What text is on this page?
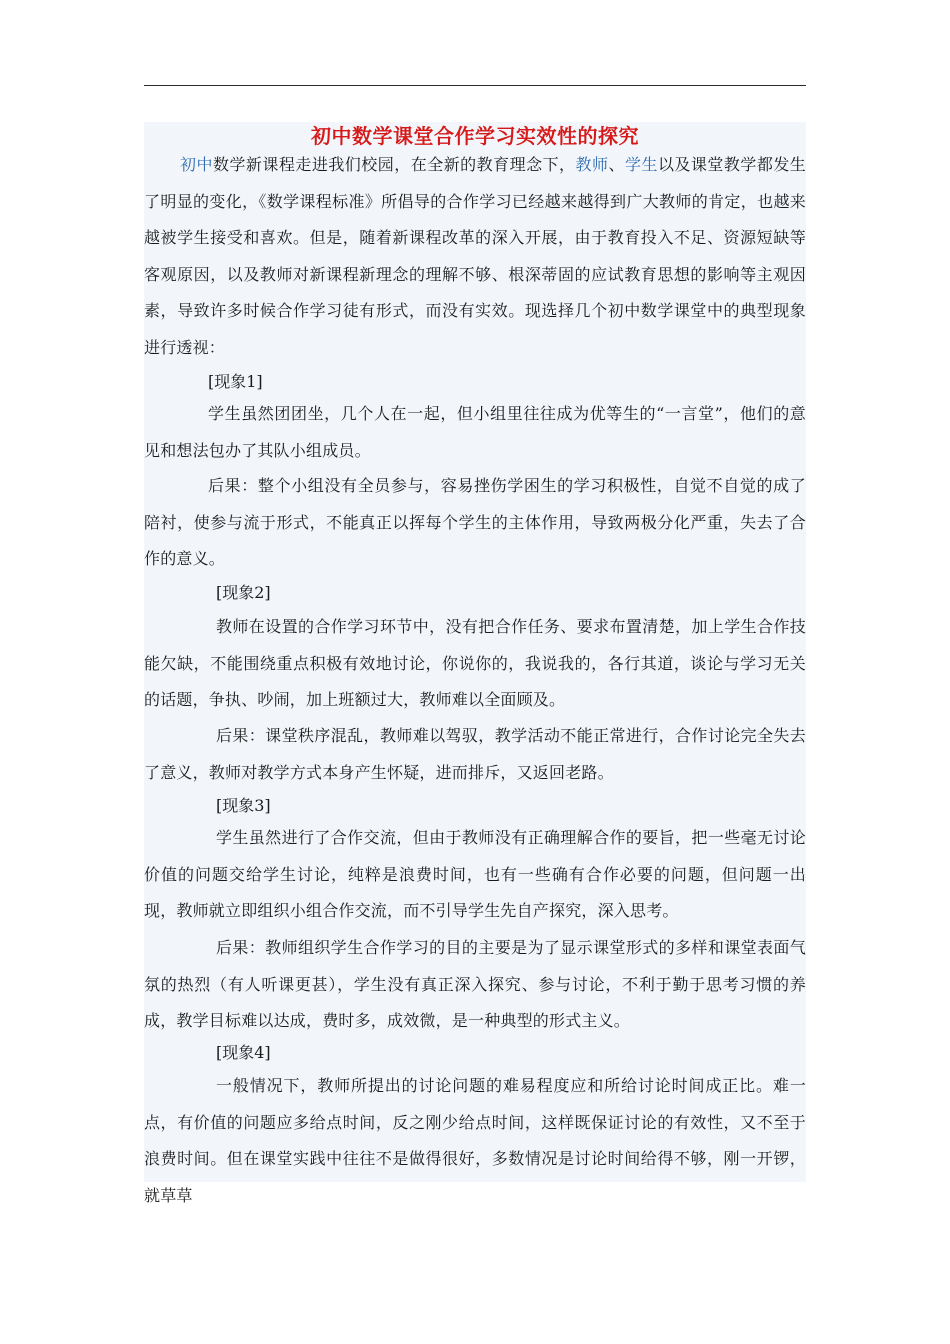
初中数学课堂合作学习实效性的探究

初中数学新课程走进我们校园，在全新的教育理念下，教师、学生以及课堂教学都发生了明显的变化，《数学课程标准》所倡导的合作学习已经越来越得到广大教师的肯定，也越来越被学生接受和喜欢。但是，随着新课程改革的深入开展，由于教育投入不足、资源短缺等客观原因，以及教师对新课程新理念的理解不够、根深蒂固的应试教育思想的影响等主观因素，导致许多时候合作学习徒有形式，而没有实效。现选择几个初中数学课堂中的典型现象进行透视：

[现象1]

学生虽然团团坐，几个人在一起，但小组里往往成为优等生的“一言堂”，他们的意见和想法包办了其队小组成员。

后果：整个小组没有全员参与，容易挫伤学困生的学习积极性，自觉不自觉的成了陪衬，使参与流于形式，不能真正以挥每个学生的主体作用，导致两极分化严重，失去了合作的意义。

[现象2]

教师在设置的合作学习环节中，没有把合作任务、要求布置清楚，加上学生合作技能欠缺，不能围绕重点积极有效地讨论，你说你的，我说我的，各行其道，谈论与学习无关的话题，争执、吵闹，加上班额过大，教师难以全面顾及。

后果：课堂秩序混乱，教师难以驾驭，教学活动不能正常进行，合作讨论完全失去了意义，教师对教学方式本身产生怀疑，进而排斥，又返回老路。

[现象3]

学生虽然进行了合作交流，但由于教师没有正确理解合作的要旨，把一些毫无讨论价值的问题交给学生讨论，纯粹是浪费时间，也有一些确有合作必要的问题，但问题一出现，教师就立即组织小组合作交流，而不引导学生先自产探究，深入思考。

后果：教师组织学生合作学习的目的主要是为了显示课堂形式的多样和课堂表面气氛的热烈（有人听课更甚），学生没有真正深入探究、参与讨论，不利于勤于思考习惯的养成，教学目标难以达成，费时多，成效微，是一种典型的形式主义。

[现象4]

一般情况下，教师所提出的讨论问题的难易程度应和所给讨论时间成正比。难一点，有价值的问题应多给点时间，反之刚少给点时间，这样既保证讨论的有效性，又不至于浪费时间。但在课堂实践中往往不是做得很好，多数情况是讨论时间给得不够，刚一开锣，就草草
